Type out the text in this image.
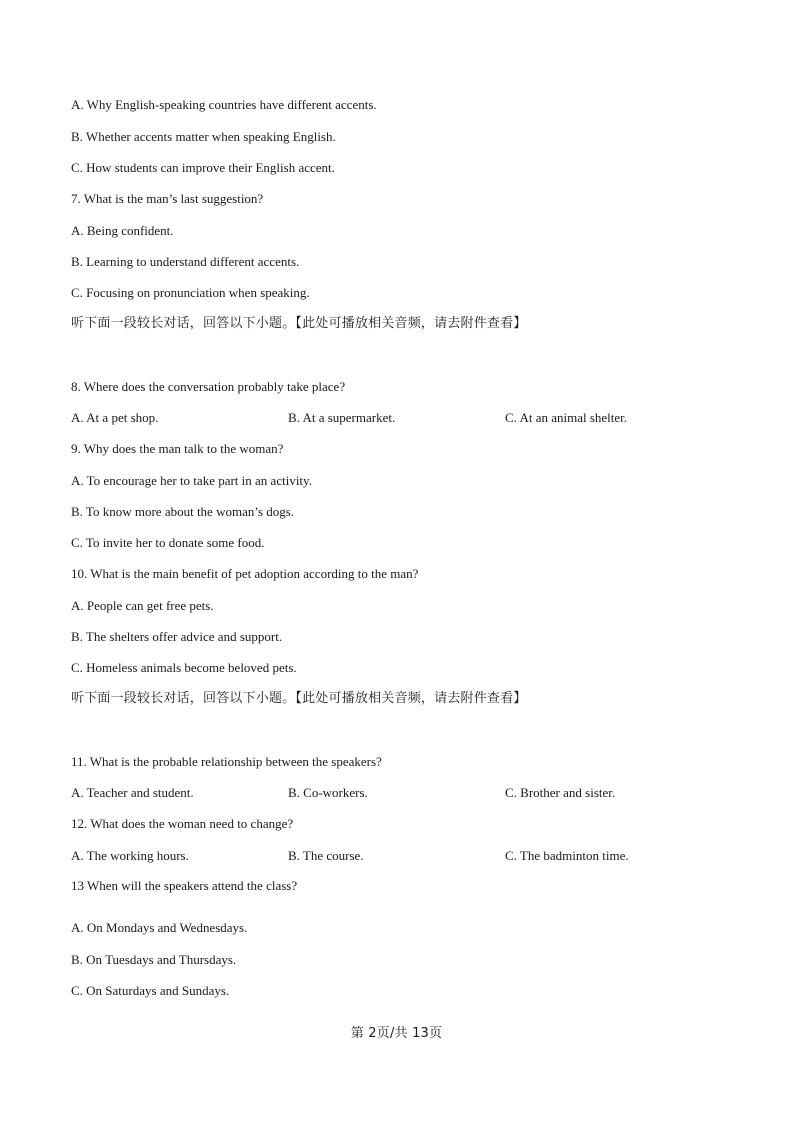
A. Why English-speaking countries have different accents.
B. Whether accents matter when speaking English.
C. How students can improve their English accent.
7. What is the man’s last suggestion?
A. Being confident.
B. Learning to understand different accents.
C. Focusing on pronunciation when speaking.
听下面一段较长对话，回答以下小题。【此处可播放相关音频，请去附件查看】
8. Where does the conversation probably take place?
A. At a pet shop.	B. At a supermarket.	C. At an animal shelter.
9. Why does the man talk to the woman?
A. To encourage her to take part in an activity.
B. To know more about the woman’s dogs.
C. To invite her to donate some food.
10. What is the main benefit of pet adoption according to the man?
A. People can get free pets.
B. The shelters offer advice and support.
C. Homeless animals become beloved pets.
听下面一段较长对话，回答以下小题。【此处可播放相关音频，请去附件查看】
11. What is the probable relationship between the speakers?
A. Teacher and student.	B. Co-workers.	C. Brother and sister.
12. What does the woman need to change?
A. The working hours.	B. The course.	C. The badminton time.
13 When will the speakers attend the class?
A. On Mondays and Wednesdays.
B. On Tuesdays and Thursdays.
C. On Saturdays and Sundays.
第 2页/共 13页
